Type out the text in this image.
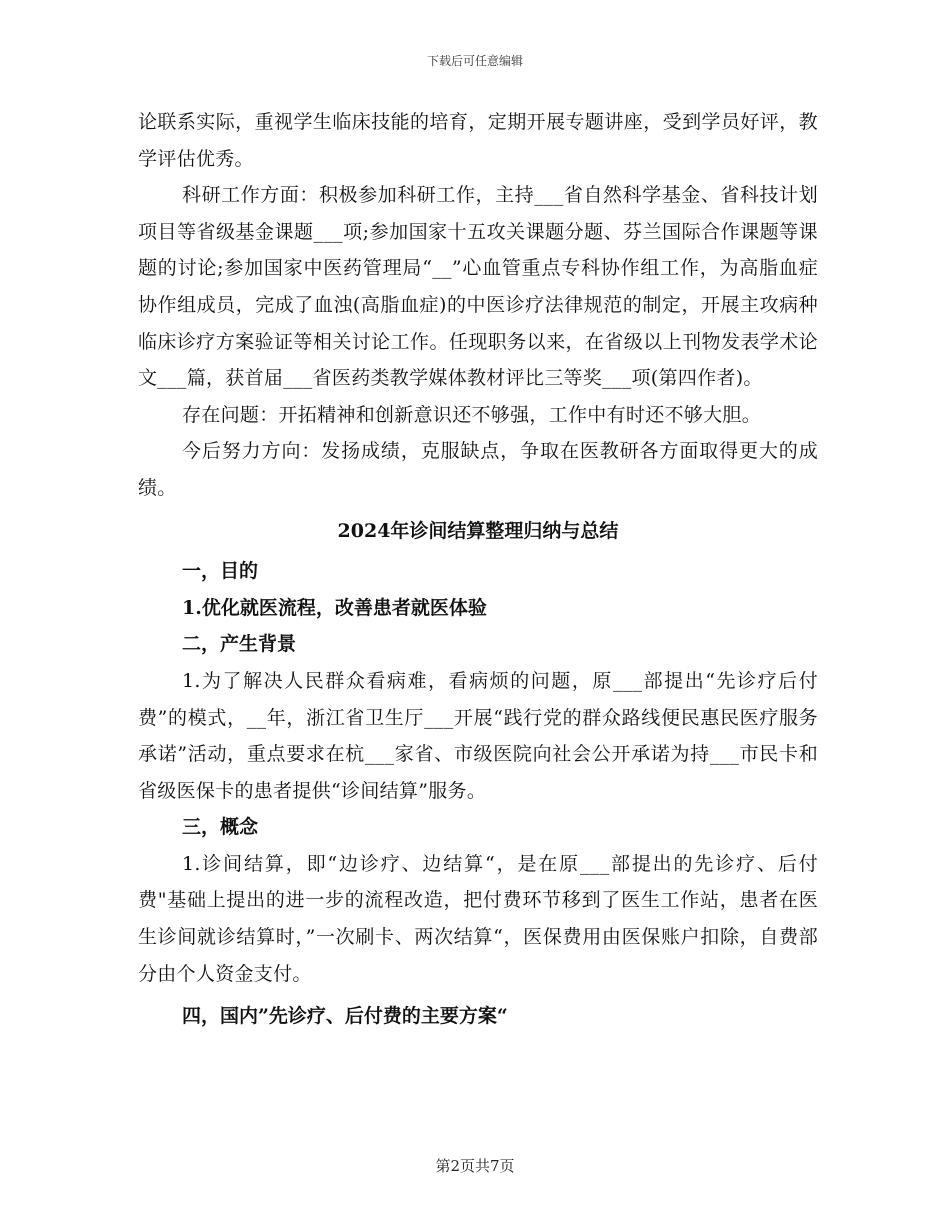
下载后可任意编辑

论联系实际，重视学生临床技能的培育，定期开展专题讲座，受到学员好评，教学评估优秀。

科研工作方面：积极参加科研工作，主持___省自然科学基金、省科技计划项目等省级基金课题___项;参加国家十五攻关课题分题、芬兰国际合作课题等课题的讨论;参加国家中医药管理局“__”心血管重点专科协作组工作，为高脂血症协作组成员，完成了血浊(高脂血症)的中医诊疗法律规范的制定，开展主攻病种临床诊疗方案验证等相关讨论工作。任现职务以来，在省级以上刊物发表学术论文___篇，获首届___省医药类教学媒体教材评比三等奖___项(第四作者)。

存在问题：开拓精神和创新意识还不够强，工作中有时还不够大胆。

今后努力方向：发扬成绩，克服缺点，争取在医教研各方面取得更大的成绩。

2024年诊间结算整理归纳与总结

一，目的

1.优化就医流程，改善患者就医体验

二，产生背景

1.为了解决人民群众看病难，看病烦的问题，原___部提出“先诊疗后付费”的模式，__年，浙江省卫生厅___开展“践行党的群众路线便民惠民医疗服务承诺”活动，重点要求在杭___家省、市级医院向社会公开承诺为持___市民卡和省级医保卡的患者提供“诊间结算”服务。

三，概念

1.诊间结算，即“边诊疗、边结算“，是在原___部提出的先诊疗、后付费"基础上提出的进一步的流程改造，把付费环节移到了医生工作站，患者在医生诊间就诊结算时，”一次刷卡、两次结算“，医保费用由医保账户扣除，自费部分由个人资金支付。

四，国内”先诊疗、后付费的主要方案“

第2页共7页
